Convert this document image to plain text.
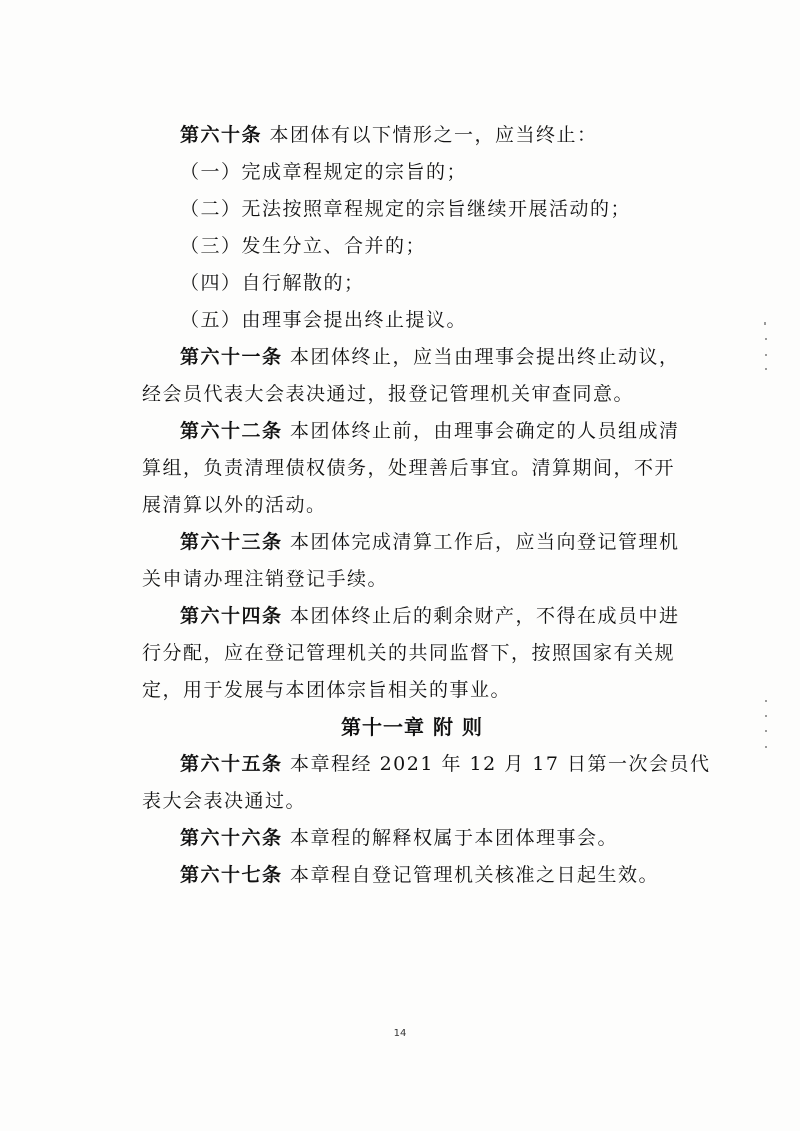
第六十条 本团体有以下情形之一，应当终止：
（一）完成章程规定的宗旨的；
（二）无法按照章程规定的宗旨继续开展活动的；
（三）发生分立、合并的；
（四）自行解散的；
（五）由理事会提出终止提议。
第六十一条 本团体终止，应当由理事会提出终止动议，
经会员代表大会表决通过，报登记管理机关审查同意。
第六十二条 本团体终止前，由理事会确定的人员组成清
算组，负责清理债权债务，处理善后事宜。清算期间，不开
展清算以外的活动。
第六十三条 本团体完成清算工作后，应当向登记管理机
关申请办理注销登记手续。
第六十四条 本团体终止后的剩余财产，不得在成员中进
行分配，应在登记管理机关的共同监督下，按照国家有关规
定，用于发展与本团体宗旨相关的事业。
第十一章 附 则
第六十五条 本章程经 2021 年 12 月 17 日第一次会员代
表大会表决通过。
第六十六条 本章程的解释权属于本团体理事会。
第六十七条 本章程自登记管理机关核准之日起生效。
14
